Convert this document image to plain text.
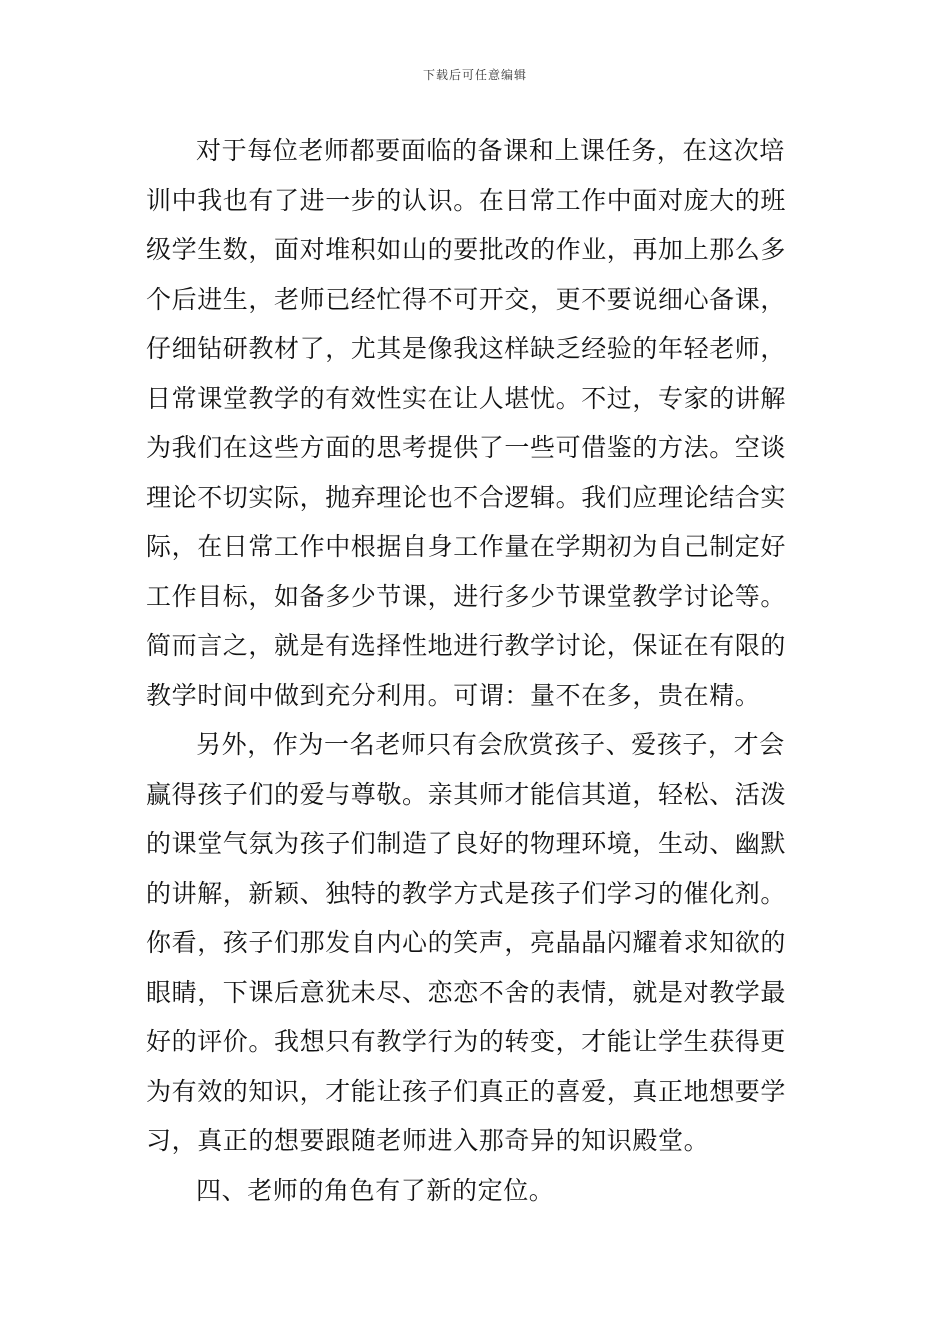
下载后可任意编辑
对于每位老师都要面临的备课和上课任务，在这次培
训中我也有了进一步的认识。在日常工作中面对庞大的班
级学生数，面对堆积如山的要批改的作业，再加上那么多
个后进生，老师已经忙得不可开交，更不要说细心备课，
仔细钻研教材了，尤其是像我这样缺乏经验的年轻老师，
日常课堂教学的有效性实在让人堪忧。不过，专家的讲解
为我们在这些方面的思考提供了一些可借鉴的方法。空谈
理论不切实际，抛弃理论也不合逻辑。我们应理论结合实
际，在日常工作中根据自身工作量在学期初为自己制定好
工作目标，如备多少节课，进行多少节课堂教学讨论等。
简而言之，就是有选择性地进行教学讨论，保证在有限的
教学时间中做到充分利用。可谓：量不在多，贵在精。
另外，作为一名老师只有会欣赏孩子、爱孩子，才会
赢得孩子们的爱与尊敬。亲其师才能信其道，轻松、活泼
的课堂气氛为孩子们制造了良好的物理环境，生动、幽默
的讲解，新颖、独特的教学方式是孩子们学习的催化剂。
你看，孩子们那发自内心的笑声，亮晶晶闪耀着求知欲的
眼睛，下课后意犹未尽、恋恋不舍的表情，就是对教学最
好的评价。我想只有教学行为的转变，才能让学生获得更
为有效的知识，才能让孩子们真正的喜爱，真正地想要学
习，真正的想要跟随老师进入那奇异的知识殿堂。
四、老师的角色有了新的定位。
